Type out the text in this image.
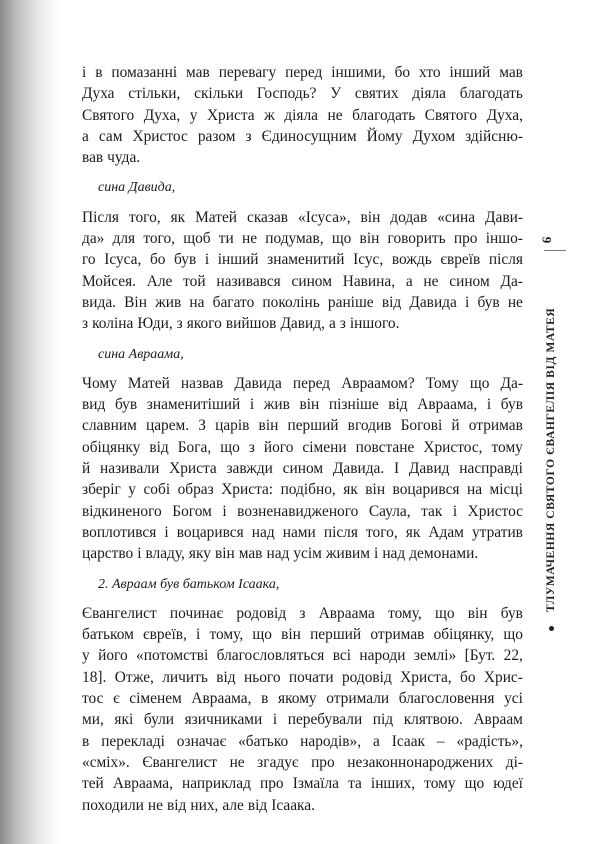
і в помазанні мав перевагу перед іншими, бо хто інший мав
Духа стільки, скільки Господь? У святих діяла благодать
Святого Духа, у Христа ж діяла не благодать Святого Духа,
а сам Христос разом з Єдиносущним Йому Духом здійсню-
вав чуда.
сина Давида,
Після того, як Матей сказав «Ісуса», він додав «сина Дави-
да» для того, щоб ти не подумав, що він говорить про іншо-
го Ісуса, бо був і інший знаменитий Ісус, вождь євреїв після
Мойсея. Але той називався сином Навина, а не сином Да-
вида. Він жив на багато поколінь раніше від Давида і був не
з коліна Юди, з якого вийшов Давид, а з іншого.
сина Авраама,
Чому Матей назвав Давида перед Авраамом? Тому що Да-
вид був знаменитіший і жив він пізніше від Авраама, і був
славним царем. З царів він перший вгодив Богові й отримав
обіцянку від Бога, що з його сімени повстане Христос, тому
й називали Христа завжди сином Давида. І Давид насправді
зберіг у собі образ Христа: подібно, як він воцарився на місці
відкиненого Богом і возненавидженого Саула, так і Христос
воплотився і воцарився над нами після того, як Адам утратив
царство і владу, яку він мав над усім живим і над демонами.
2. Авраам був батьком Ісаака,
Євангелист починає родовід з Авраама тому, що він був
батьком євреїв, і тому, що він перший отримав обіцянку, що
у його «потомстві благословляться всі народи землі» [Бут. 22,
18]. Отже, личить від нього почати родовід Христа, бо Хрис-
тос є сіменем Авраама, в якому отримали благословення усі
ми, які були язичниками і перебували під клятвою. Авраам
в перекладі означає «батько народів», а Ісаак – «радість»,
«сміх». Євангелист не згадує про незаконнонароджених ді-
тей Авраама, наприклад про Ізмаїла та інших, тому що юдеї
походили не від них, але від Ісаака.
9
ТЛУМАЧЕННЯ СВЯТОГО ЄВАНГЕЛІЯ ВІД МАТЕЯ
